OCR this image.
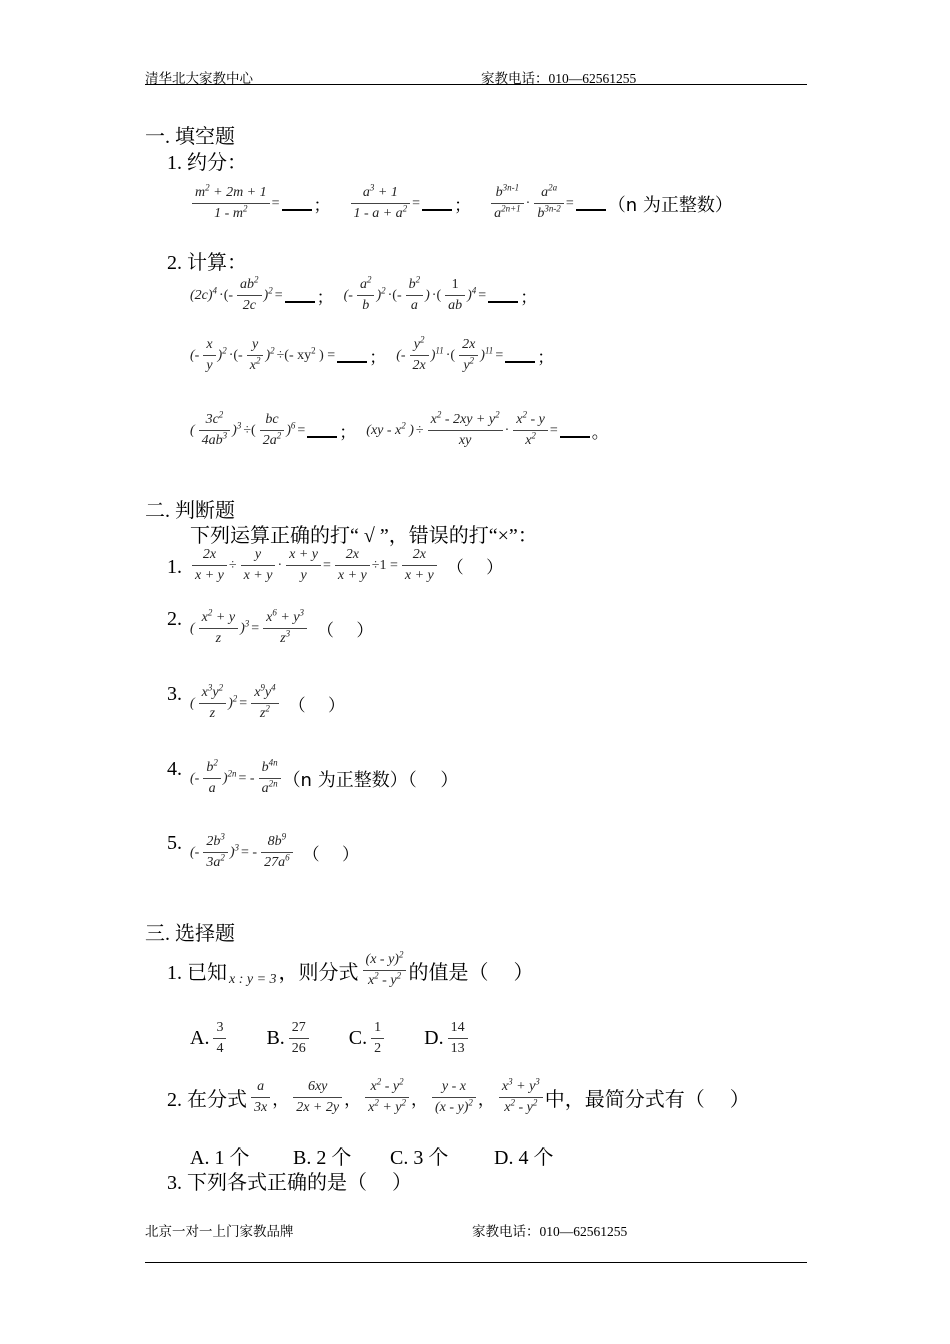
清华北大家教中心	家教电话：010—62561255
一. 填空题
1. 约分：
$\frac{m^2 + 2m + 1}{1 - m^2}$ = ； $\frac{a^3 + 1}{1 - a + a^2}$ = ；
$b^{3n-1}$
$a^{2n+1} \cdot \frac{a^{2a}}{b^{3n-2}} = (n$ 为正整数）
2. 计算：
$(2c)^4$ ·(-
$ab^2$
2c
)$^2$ = ； (-
$a^2$
b
)$^2$ ·(-
$b^2$
a
) ·(
1
ab
)$^4$ = ；
(-
x
y
)$^2$ ·(-
y
$x^2$ )$^2$ ÷(- $xy^2$ ) = ； (-
$y^2$
2x
)$^{11}$ ·(
2x
$y^2$ )$^{11}$ = ；
(
$3c^2$
$4ab^3$ )$^3$ ÷(
bc
$2a^2$ )$^6$ = ； ($xy - x^2$ ) ÷ $\frac{x^2 - 2xy + y^2}{xy} \cdot \frac{x^2 - y}{x^2}$ = 。
二. 判断题
下列运算正确的打“ √ ”，错误的打“×”：
1. $\frac{2x}{x + y} \div \frac{y}{x + y} \cdot \frac{x + y}{y} = \frac{2x}{x + y} \div 1 = \frac{2x}{x + y}$ （　 ）
2. (
$x^2 + y$
z
)$^3 = \frac{x^6 + y^3}{z^3}$ （　 ）
3. (
$x^3y^2$
z
)$^2 = \frac{x^9y^4}{z^2}$ （　 ）
4. (-
$b^2$
a
)$^{2n}$ = -
$b^{4n}$
$a^{2n}$ （n 为正整数）（　 ）
5. (-
$2b^3$
$3a^2$ )$^3$ = -
$8b^9$
$27a^6$ （　 ）
三. 选择题
1. 已知 x : y = 3 ，则分式
(x - y)$^2$
$x^2 - y^2$ 的值是（　 ）
A. 3
4 B. 27
26 C. 1
2 D. 14
13
2. 在分式
a
3x ，
6xy
2x + 2y ，
$x^2 - y^2$
$x^2 + y^2$ ，
y - x
(x - y)$^2$ ，
$x^3 + y^3$
$x^2 - y^2$ 中，最简分式有（　 ）
A. 1 个 B. 2 个 C. 3 个 D. 4 个
3. 下列各式正确的是（　 ）
北京一对一上门家教品牌	家教电话：010—62561255
